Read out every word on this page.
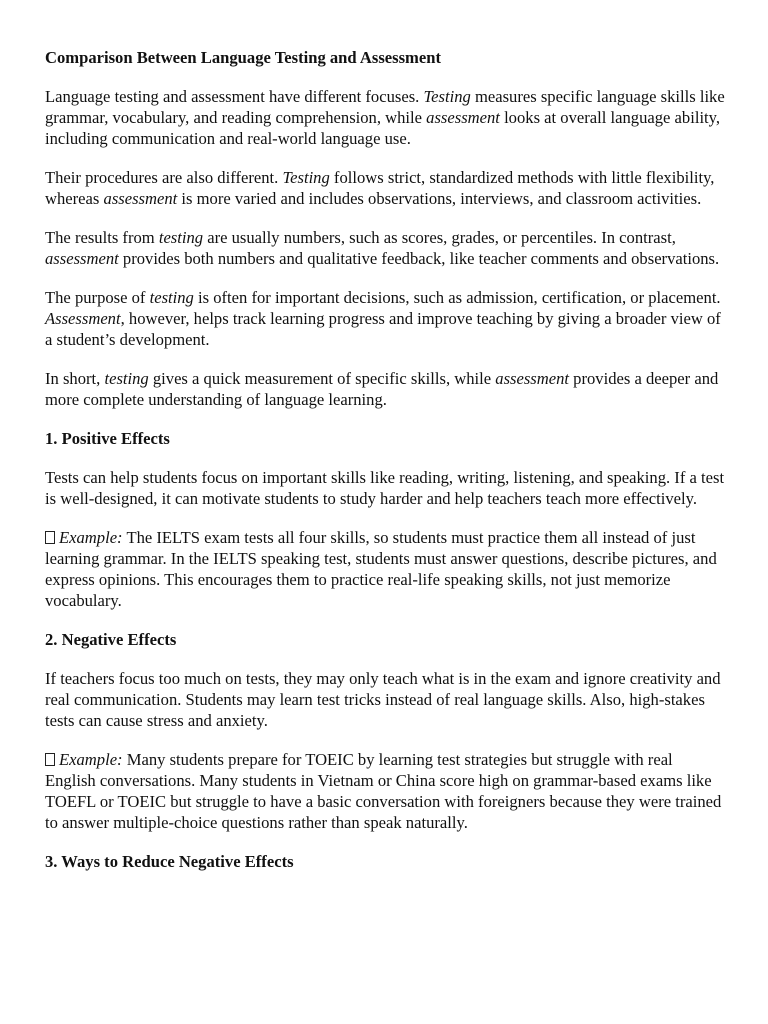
Comparison Between Language Testing and Assessment

Language testing and assessment have different focuses. Testing measures specific language skills like grammar, vocabulary, and reading comprehension, while assessment looks at overall language ability, including communication and real-world language use.

Their procedures are also different. Testing follows strict, standardized methods with little flexibility, whereas assessment is more varied and includes observations, interviews, and classroom activities.

The results from testing are usually numbers, such as scores, grades, or percentiles. In contrast, assessment provides both numbers and qualitative feedback, like teacher comments and observations.

The purpose of testing is often for important decisions, such as admission, certification, or placement. Assessment, however, helps track learning progress and improve teaching by giving a broader view of a student’s development.

In short, testing gives a quick measurement of specific skills, while assessment provides a deeper and more complete understanding of language learning.

1. Positive Effects

Tests can help students focus on important skills like reading, writing, listening, and speaking. If a test is well-designed, it can motivate students to study harder and help teachers teach more effectively.

Example: The IELTS exam tests all four skills, so students must practice them all instead of just learning grammar. In the IELTS speaking test, students must answer questions, describe pictures, and express opinions. This encourages them to practice real-life speaking skills, not just memorize vocabulary.

2. Negative Effects

If teachers focus too much on tests, they may only teach what is in the exam and ignore creativity and real communication. Students may learn test tricks instead of real language skills. Also, high-stakes tests can cause stress and anxiety.

Example: Many students prepare for TOEIC by learning test strategies but struggle with real English conversations. Many students in Vietnam or China score high on grammar-based exams like TOEFL or TOEIC but struggle to have a basic conversation with foreigners because they were trained to answer multiple-choice questions rather than speak naturally.

3. Ways to Reduce Negative Effects
